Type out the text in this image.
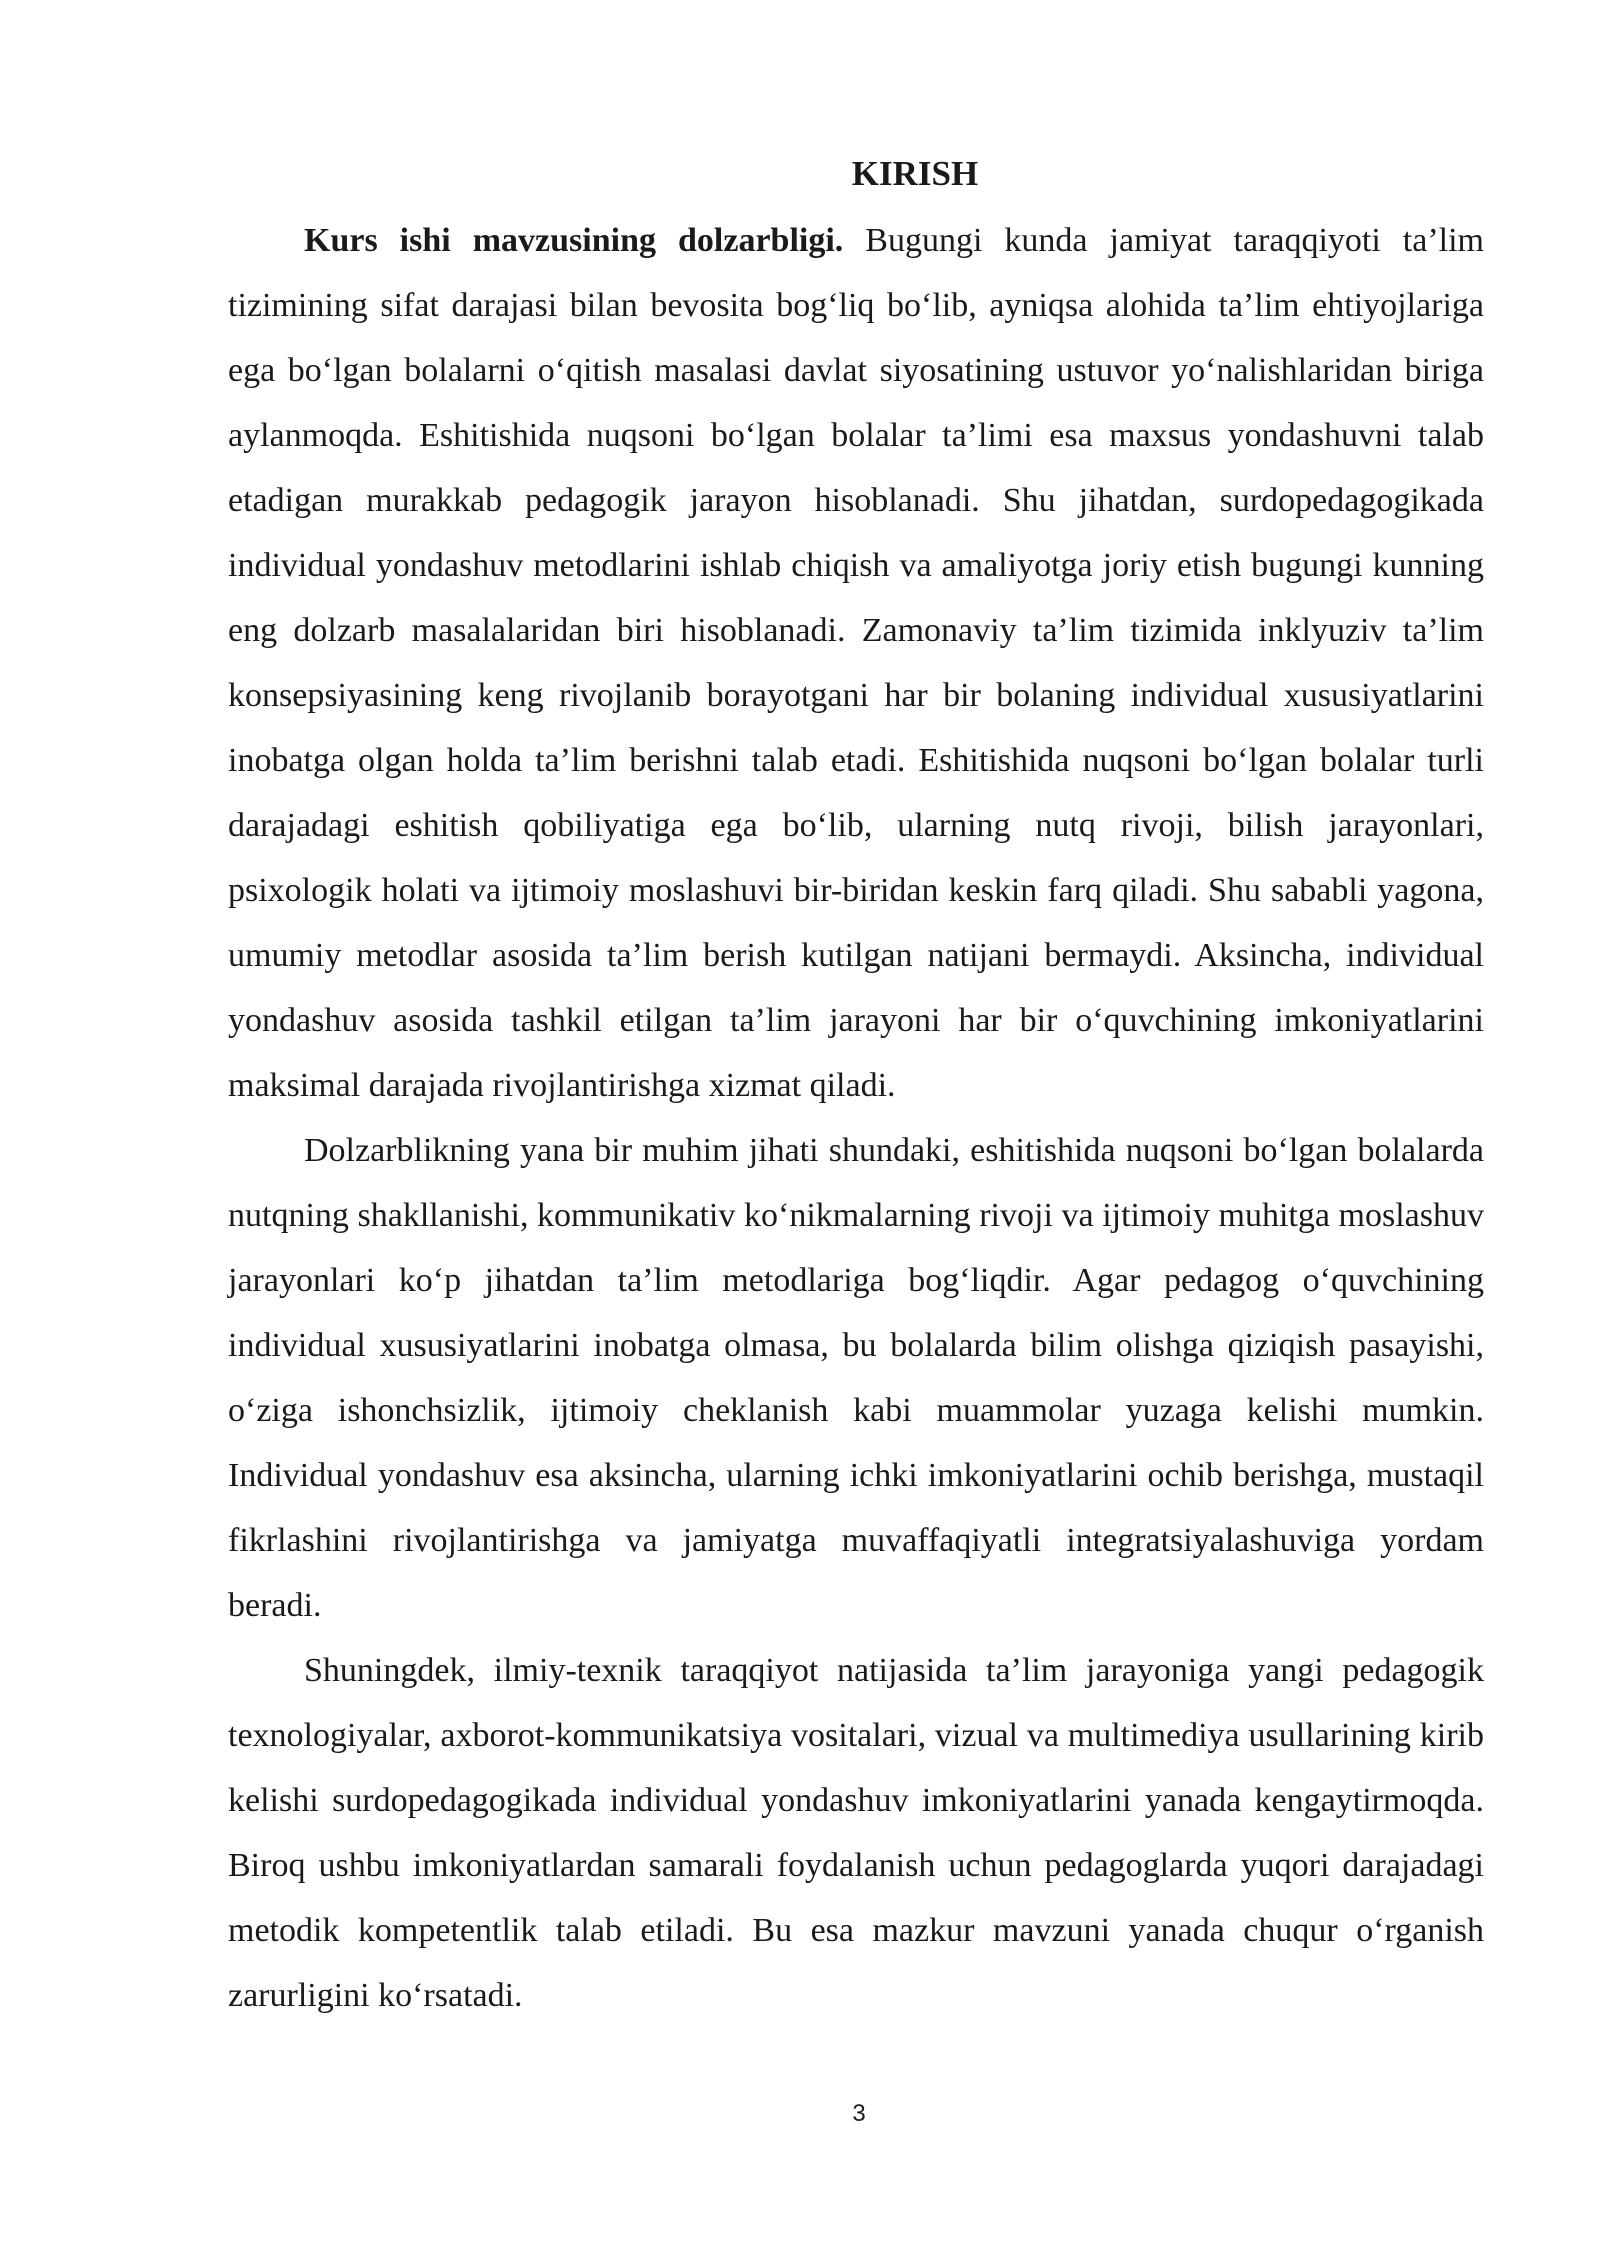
KIRISH

Kurs ishi mavzusining dolzarbligi. Bugungi kunda jamiyat taraqqiyoti ta’lim tizimining sifat darajasi bilan bevosita bog‘liq bo‘lib, ayniqsa alohida ta’lim ehtiyojlariga ega bo‘lgan bolalarni o‘qitish masalasi davlat siyosatining ustuvor yo‘nalishlaridan biriga aylanmoqda. Eshitishida nuqsoni bo‘lgan bolalar ta’limi esa maxsus yondashuvni talab etadigan murakkab pedagogik jarayon hisoblanadi. Shu jihatdan, surdopedagogikada individual yondashuv metodlarini ishlab chiqish va amaliyotga joriy etish bugungi kunning eng dolzarb masalalaridan biri hisoblanadi. Zamonaviy ta’lim tizimida inklyuziv ta’lim konsepsiyasining keng rivojlanib borayotgani har bir bolaning individual xususiyatlarini inobatga olgan holda ta’lim berishni talab etadi. Eshitishida nuqsoni bo‘lgan bolalar turli darajadagi eshitish qobiliyatiga ega bo‘lib, ularning nutq rivoji, bilish jarayonlari, psixologik holati va ijtimoiy moslashuvi bir-biridan keskin farq qiladi. Shu sababli yagona, umumiy metodlar asosida ta’lim berish kutilgan natijani bermaydi. Aksincha, individual yondashuv asosida tashkil etilgan ta’lim jarayoni har bir o‘quvchining imkoniyatlarini maksimal darajada rivojlantirishga xizmat qiladi.

Dolzarblikning yana bir muhim jihati shundaki, eshitishida nuqsoni bo‘lgan bolalarda nutqning shakllanishi, kommunikativ ko‘nikmalarning rivoji va ijtimoiy muhitga moslashuv jarayonlari ko‘p jihatdan ta’lim metodlariga bog‘liqdir. Agar pedagog o‘quvchining individual xususiyatlarini inobatga olmasa, bu bolalarda bilim olishga qiziqish pasayishi, o‘ziga ishonchsizlik, ijtimoiy cheklanish kabi muammolar yuzaga kelishi mumkin. Individual yondashuv esa aksincha, ularning ichki imkoniyatlarini ochib berishga, mustaqil fikrlashini rivojlantirishga va jamiyatga muvaffaqiyatli integratsiyalashuviga yordam beradi.

Shuningdek, ilmiy-texnik taraqqiyot natijasida ta’lim jarayoniga yangi pedagogik texnologiyalar, axborot-kommunikatsiya vositalari, vizual va multimediya usullarining kirib kelishi surdopedagogikada individual yondashuv imkoniyatlarini yanada kengaytirmoqda. Biroq ushbu imkoniyatlardan samarali foydalanish uchun pedagoglarda yuqori darajadagi metodik kompetentlik talab etiladi. Bu esa mazkur mavzuni yanada chuqur o‘rganish zarurligini ko‘rsatadi.

3
